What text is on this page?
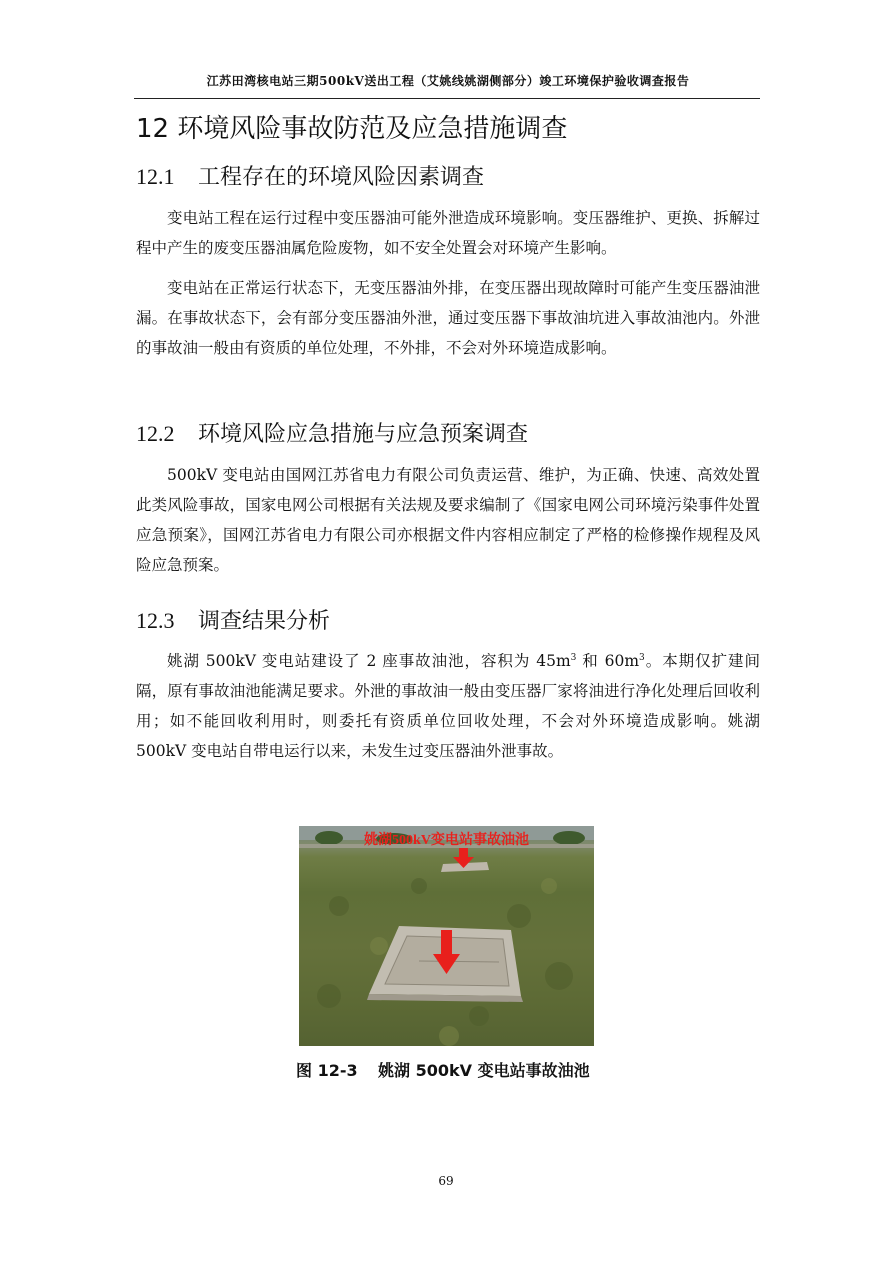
江苏田湾核电站三期500kV送出工程（艾姚线姚湖侧部分）竣工环境保护验收调查报告
12 环境风险事故防范及应急措施调查
12.1 工程存在的环境风险因素调查

变电站工程在运行过程中变压器油可能外泄造成环境影响。变压器维护、更换、拆解过程中产生的废变压器油属危险废物，如不安全处置会对环境产生影响。

变电站在正常运行状态下，无变压器油外排，在变压器出现故障时可能产生变压器油泄漏。在事故状态下，会有部分变压器油外泄，通过变压器下事故油坑进入事故油池内。外泄的事故油一般由有资质的单位处理，不外排，不会对外环境造成影响。

12.2 环境风险应急措施与应急预案调查

500kV 变电站由国网江苏省电力有限公司负责运营、维护，为正确、快速、高效处置此类风险事故，国家电网公司根据有关法规及要求编制了《国家电网公司环境污染事件处置应急预案》，国网江苏省电力有限公司亦根据文件内容相应制定了严格的检修操作规程及风险应急预案。

12.3 调查结果分析

姚湖 500kV 变电站建设了 2 座事故油池，容积为 $45m^3$ 和 $60m^3$。本期仅扩建间隔，原有事故油池能满足要求。外泄的事故油一般由变压器厂家将油进行净化处理后回收利用；如不能回收利用时，则委托有资质单位回收处理，不会对外环境造成影响。姚湖 500kV 变电站自带电运行以来，未发生过变压器油外泄事故。

姚湖500kV变电站事故油池
图 12-3 姚湖 500kV 变电站事故油池
69
